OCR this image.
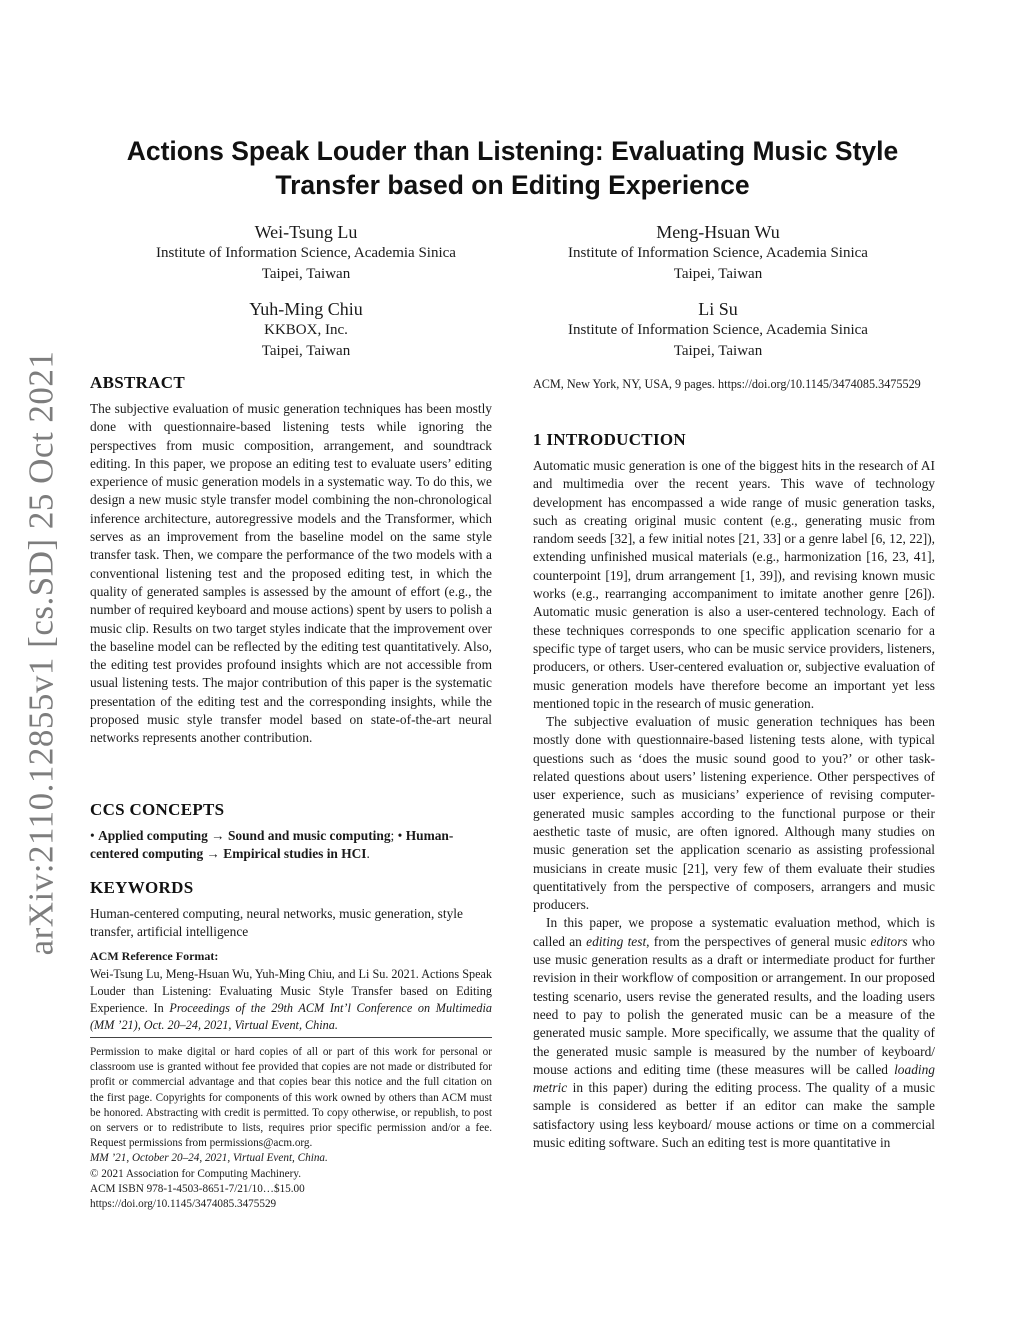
arXiv:2110.12855v1 [cs.SD] 25 Oct 2021
Actions Speak Louder than Listening: Evaluating Music Style Transfer based on Editing Experience
Wei-Tsung Lu
Institute of Information Science, Academia Sinica
Taipei, Taiwan
Meng-Hsuan Wu
Institute of Information Science, Academia Sinica
Taipei, Taiwan
Yuh-Ming Chiu
KKBOX, Inc.
Taipei, Taiwan
Li Su
Institute of Information Science, Academia Sinica
Taipei, Taiwan
ABSTRACT

The subjective evaluation of music generation techniques has been mostly done with questionnaire-based listening tests while ignoring the perspectives from music composition, arrangement, and soundtrack editing. In this paper, we propose an editing test to evaluate users’ editing experience of music generation models in a systematic way. To do this, we design a new music style transfer model combining the non-chronological inference architecture, autoregressive models and the Transformer, which serves as an improvement from the baseline model on the same style transfer task. Then, we compare the performance of the two models with a conventional listening test and the proposed editing test, in which the quality of generated samples is assessed by the amount of effort (e.g., the number of required keyboard and mouse actions) spent by users to polish a music clip. Results on two target styles indicate that the improvement over the baseline model can be reflected by the editing test quantitatively. Also, the editing test provides profound insights which are not accessible from usual listening tests. The major contribution of this paper is the systematic presentation of the editing test and the corresponding insights, while the proposed music style transfer model based on state-of-the-art neural networks represents another contribution.

CCS CONCEPTS

• Applied computing → Sound and music computing; • Human-centered computing → Empirical studies in HCI.

KEYWORDS

Human-centered computing, neural networks, music generation, style transfer, artificial intelligence

ACM Reference Format:

Wei-Tsung Lu, Meng-Hsuan Wu, Yuh-Ming Chiu, and Li Su. 2021. Actions Speak Louder than Listening: Evaluating Music Style Transfer based on Editing Experience. In Proceedings of the 29th ACM Int’l Conference on Multimedia (MM ’21), Oct. 20–24, 2021, Virtual Event, China.

Permission to make digital or hard copies of all or part of this work for personal or classroom use is granted without fee provided that copies are not made or distributed for profit or commercial advantage and that copies bear this notice and the full citation on the first page. Copyrights for components of this work owned by others than ACM must be honored. Abstracting with credit is permitted. To copy otherwise, or republish, to post on servers or to redistribute to lists, requires prior specific permission and/or a fee. Request permissions from permissions@acm.org.

MM ’21, October 20–24, 2021, Virtual Event, China.

© 2021 Association for Computing Machinery.

ACM ISBN 978-1-4503-8651-7/21/10…$15.00

https://doi.org/10.1145/3474085.3475529

ACM, New York, NY, USA, 9 pages. https://doi.org/10.1145/3474085.3475529

1 INTRODUCTION

Automatic music generation is one of the biggest hits in the research of AI and multimedia over the recent years. This wave of technology development has encompassed a wide range of music generation tasks, such as creating original music content (e.g., generating music from random seeds [32], a few initial notes [21, 33] or a genre label [6, 12, 22]), extending unfinished musical materials (e.g., harmonization [16, 23, 41], counterpoint [19], drum arrangement [1, 39]), and revising known music works (e.g., rearranging accompaniment to imitate another genre [26]). Automatic music generation is also a user-centered technology. Each of these techniques corresponds to one specific application scenario for a specific type of target users, who can be music service providers, listeners, producers, or others. User-centered evaluation or, subjective evaluation of music generation models have therefore become an important yet less mentioned topic in the research of music generation.

The subjective evaluation of music generation techniques has been mostly done with questionnaire-based listening tests alone, with typical questions such as ‘does the music sound good to you?’ or other task-related questions about users’ listening experience. Other perspectives of user experience, such as musicians’ experience of revising computer-generated music samples according to the functional purpose or their aesthetic taste of music, are often ignored. Although many studies on music generation set the application scenario as assisting professional musicians in create music [21], very few of them evaluate their studies quentitatively from the perspective of composers, arrangers and music producers.

In this paper, we propose a systematic evaluation method, which is called an editing test, from the perspectives of general music editors who use music generation results as a draft or intermediate product for further revision in their workflow of composition or arrangement. In our proposed testing scenario, users revise the generated results, and the loading users need to pay to polish the generated music can be a measure of the generated music sample. More specifically, we assume that the quality of the generated music sample is measured by the number of keyboard/ mouse actions and editing time (these measures will be called loading metric in this paper) during the editing process. The quality of a music sample is considered as better if an editor can make the sample satisfactory using less keyboard/ mouse actions or time on a commercial music editing software. Such an editing test is more quantitative in
